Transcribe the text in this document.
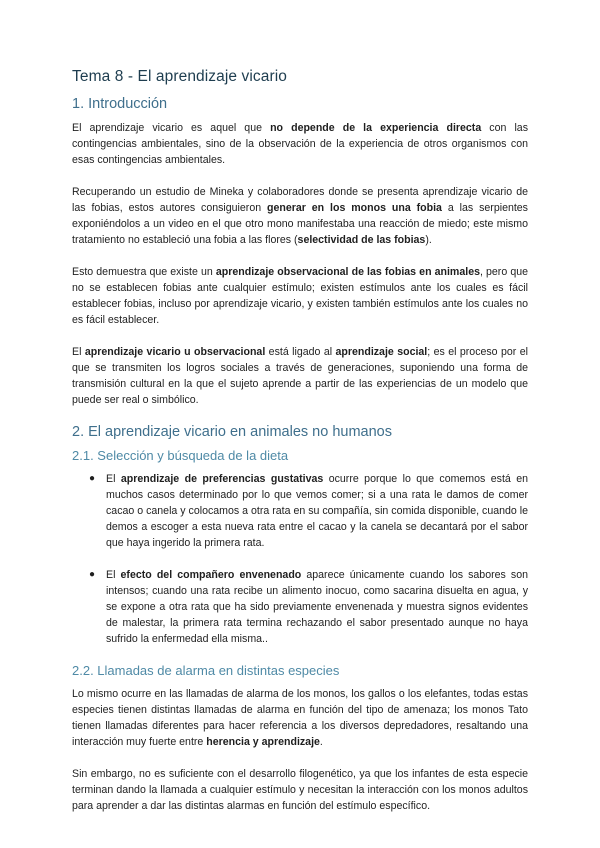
Tema 8 - El aprendizaje vicario
1. Introducción

El aprendizaje vicario es aquel que no depende de la experiencia directa con las contingencias ambientales, sino de la observación de la experiencia de otros organismos con esas contingencias ambientales.

Recuperando un estudio de Mineka y colaboradores donde se presenta aprendizaje vicario de las fobias, estos autores consiguieron generar en los monos una fobia a las serpientes exponiéndolos a un video en el que otro mono manifestaba una reacción de miedo; este mismo tratamiento no estableció una fobia a las flores (selectividad de las fobias).

Esto demuestra que existe un aprendizaje observacional de las fobias en animales, pero que no se establecen fobias ante cualquier estímulo; existen estímulos ante los cuales es fácil establecer fobias, incluso por aprendizaje vicario, y existen también estímulos ante los cuales no es fácil establecer.

El aprendizaje vicario u observacional está ligado al aprendizaje social; es el proceso por el que se transmiten los logros sociales a través de generaciones, suponiendo una forma de transmisión cultural en la que el sujeto aprende a partir de las experiencias de un modelo que puede ser real o simbólico.

2. El aprendizaje vicario en animales no humanos
2.1. Selección y búsqueda de la dieta
● El aprendizaje de preferencias gustativas ocurre porque lo que comemos está en muchos casos determinado por lo que vemos comer; si a una rata le damos de comer cacao o canela y colocamos a otra rata en su compañía, sin comida disponible, cuando le demos a escoger a esta nueva rata entre el cacao y la canela se decantará por el sabor que haya ingerido la primera rata.
● El efecto del compañero envenenado aparece únicamente cuando los sabores son intensos; cuando una rata recibe un alimento inocuo, como sacarina disuelta en agua, y se expone a otra rata que ha sido previamente envenenada y muestra signos evidentes de malestar, la primera rata termina rechazando el sabor presentado aunque no haya sufrido la enfermedad ella misma..
2.2. Llamadas de alarma en distintas especies

Lo mismo ocurre en las llamadas de alarma de los monos, los gallos o los elefantes, todas estas especies tienen distintas llamadas de alarma en función del tipo de amenaza; los monos Tato tienen llamadas diferentes para hacer referencia a los diversos depredadores, resaltando una interacción muy fuerte entre herencia y aprendizaje.

Sin embargo, no es suficiente con el desarrollo filogenético, ya que los infantes de esta especie terminan dando la llamada a cualquier estímulo y necesitan la interacción con los monos adultos para aprender a dar las distintas alarmas en función del estímulo específico.
